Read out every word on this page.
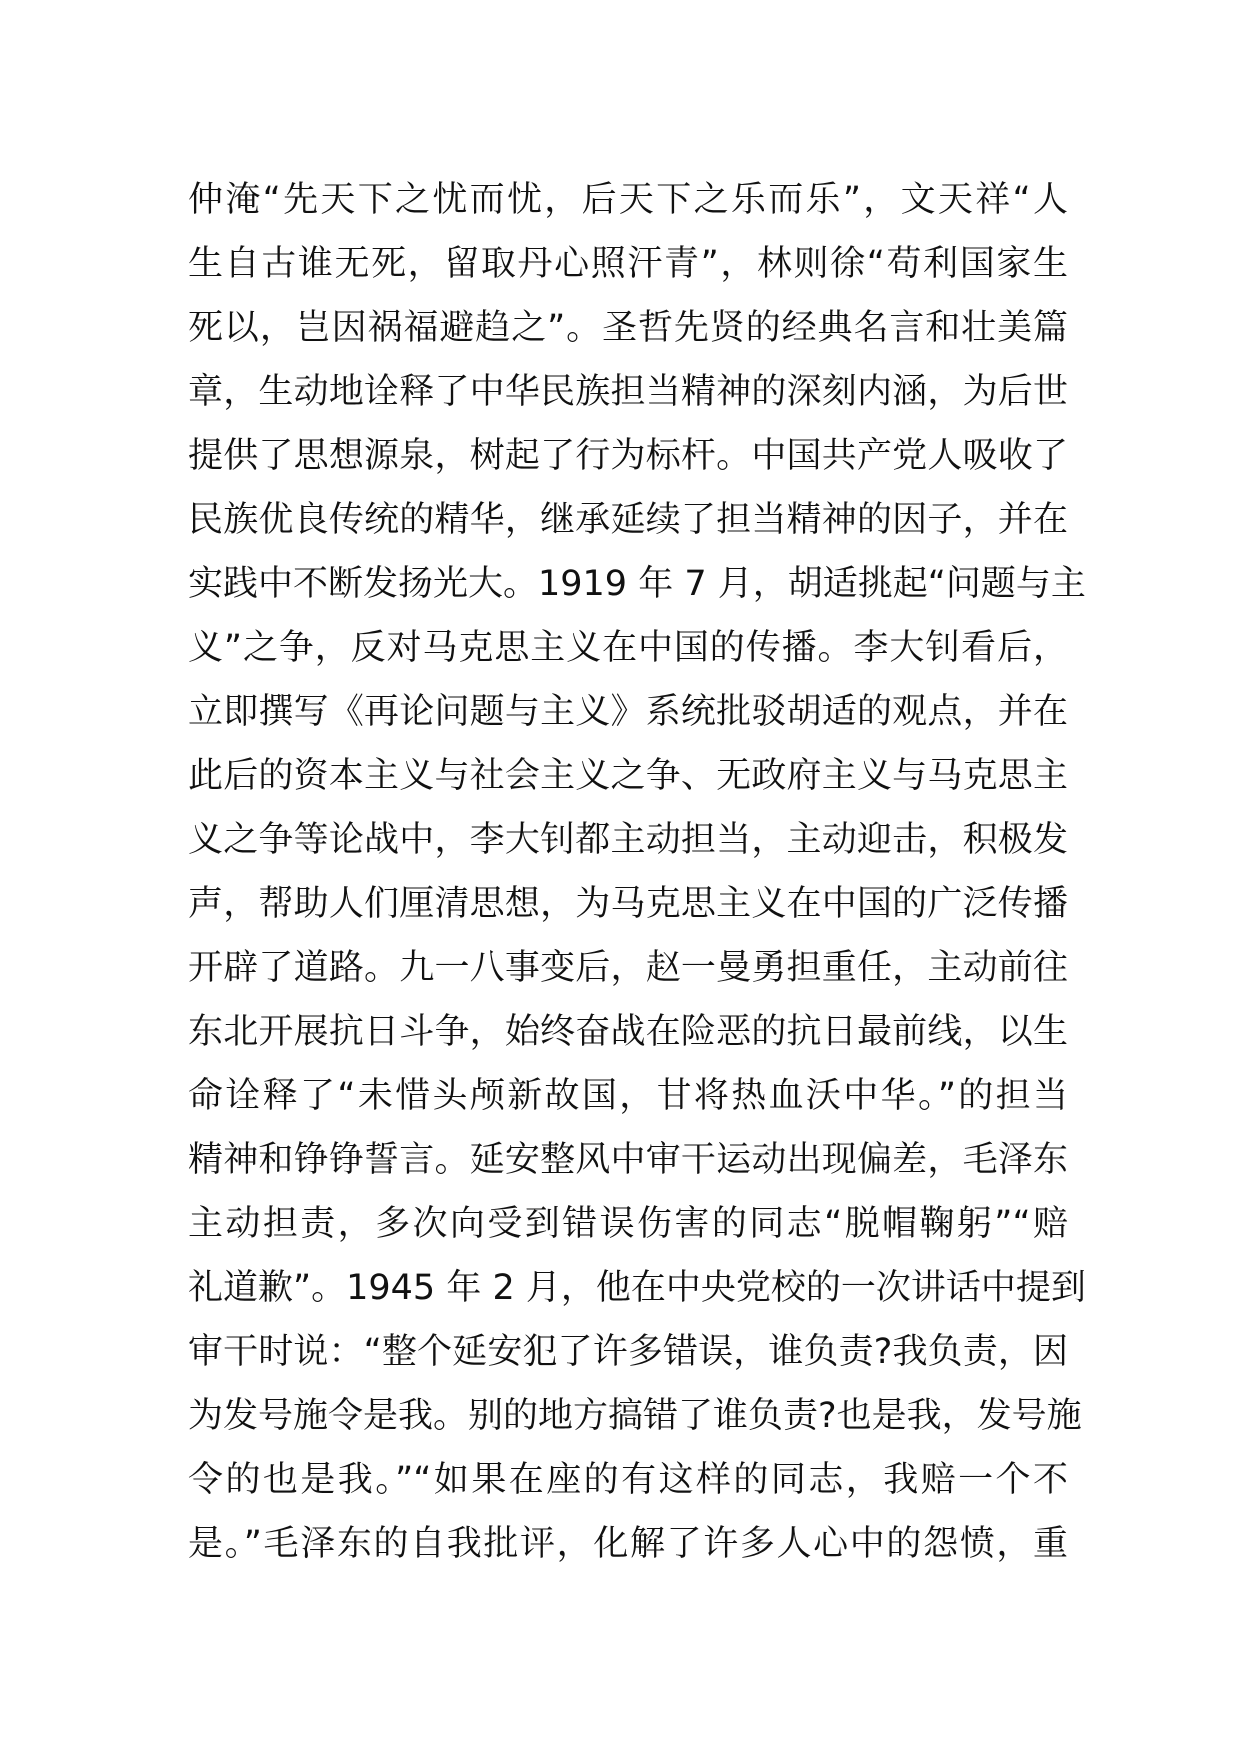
仲淹“先天下之忧而忧，后天下之乐而乐”，文天祥“人
生自古谁无死，留取丹心照汗青”，林则徐“苟利国家生
死以，岂因祸福避趋之”。圣哲先贤的经典名言和壮美篇
章，生动地诠释了中华民族担当精神的深刻内涵，为后世
提供了思想源泉，树起了行为标杆。中国共产党人吸收了
民族优良传统的精华，继承延续了担当精神的因子，并在
实践中不断发扬光大。1919 年 7 月，胡适挑起“问题与主
义”之争，反对马克思主义在中国的传播。李大钊看后，
立即撰写《再论问题与主义》系统批驳胡适的观点，并在
此后的资本主义与社会主义之争、无政府主义与马克思主
义之争等论战中，李大钊都主动担当，主动迎击，积极发
声，帮助人们厘清思想，为马克思主义在中国的广泛传播
开辟了道路。九一八事变后，赵一曼勇担重任，主动前往
东北开展抗日斗争，始终奋战在险恶的抗日最前线，以生
命诠释了“未惜头颅新故国，甘将热血沃中华。”的担当
精神和铮铮誓言。延安整风中审干运动出现偏差，毛泽东
主动担责，多次向受到错误伤害的同志“脱帽鞠躬”“赔
礼道歉”。1945 年 2 月，他在中央党校的一次讲话中提到
审干时说：“整个延安犯了许多错误，谁负责?我负责，因
为发号施令是我。别的地方搞错了谁负责?也是我，发号施
令的也是我。”“如果在座的有这样的同志，我赔一个不
是。”毛泽东的自我批评，化解了许多人心中的怨愤，重
